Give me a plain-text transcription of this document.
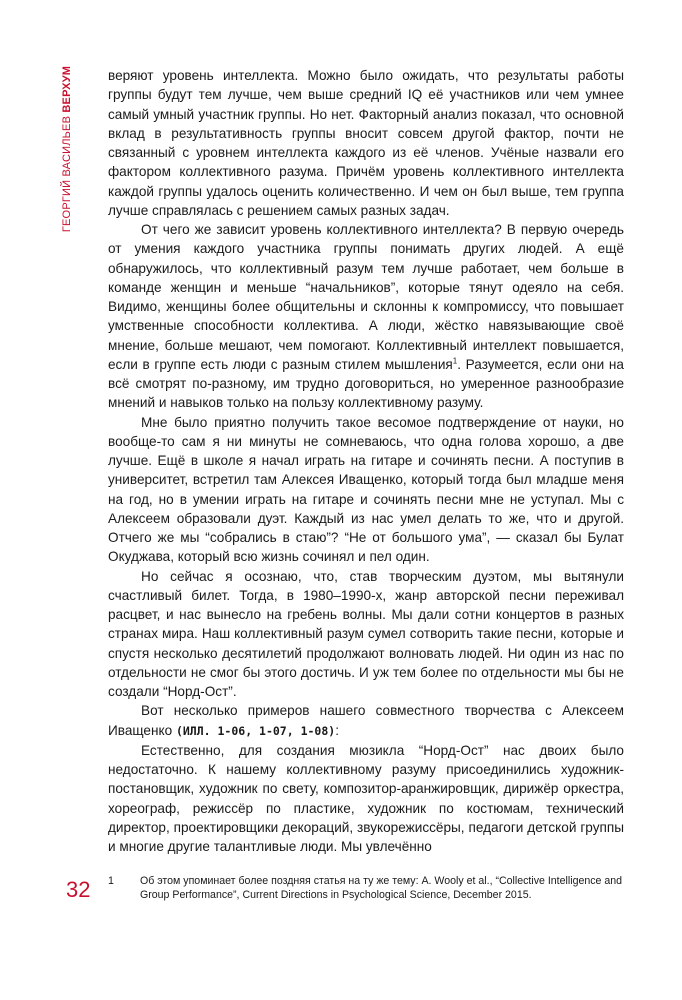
ГЕОРГИЙ ВАСИЛЬЕВ ВЕРХУМ
32

веряют уровень интеллекта. Можно было ожидать, что результаты работы группы будут тем лучше, чем выше средний IQ её участников или чем умнее самый умный участник группы. Но нет. Факторный анализ показал, что основной вклад в результативность группы вносит совсем другой фактор, почти не связанный с уровнем интеллекта каждого из её членов. Учёные назвали его фактором коллективного разума. Причём уровень коллективного интеллекта каждой группы удалось оценить количественно. И чем он был выше, тем группа лучше справлялась с решением самых разных задач.

От чего же зависит уровень коллективного интеллекта? В первую очередь от умения каждого участника группы понимать других людей. А ещё обнаружилось, что коллективный разум тем лучше работает, чем больше в команде женщин и меньше “начальников”, которые тянут одеяло на себя. Видимо, женщины более общительны и склонны к компромиссу, что повышает умственные способности коллектива. А люди, жёстко навязывающие своё мнение, больше мешают, чем помогают. Коллективный интеллект повышается, если в группе есть люди с разным стилем мышления$^1$. Разумеется, если они на всё смотрят по-разному, им трудно договориться, но умеренное разнообразие мнений и навыков только на пользу коллективному разуму.

Мне было приятно получить такое весомое подтверждение от науки, но вообще-то сам я ни минуты не сомневаюсь, что одна голова хорошо, а две лучше. Ещё в школе я начал играть на гитаре и сочинять песни. А поступив в университет, встретил там Алексея Иващенко, который тогда был младше меня на год, но в умении играть на гитаре и сочинять песни мне не уступал. Мы с Алексеем образовали дуэт. Каждый из нас умел делать то же, что и другой. Отчего же мы “собрались в стаю”? “Не от большого ума”, — сказал бы Булат Окуджава, который всю жизнь сочинял и пел один.

Но сейчас я осознаю, что, став творческим дуэтом, мы вытянули счастливый билет. Тогда, в 1980–1990-х, жанр авторской песни переживал расцвет, и нас вынесло на гребень волны. Мы дали сотни концертов в разных странах мира. Наш коллективный разум сумел сотворить такие песни, которые и спустя несколько десятилетий продолжают волновать людей. Ни один из нас по отдельности не смог бы этого достичь. И уж тем более по отдельности мы бы не создали “Норд-Ост”.

Вот несколько примеров нашего совместного творчества с Алексеем Иващенко (ИЛЛ. 1-06, 1-07, 1-08):

Естественно, для создания мюзикла “Норд-Ост” нас двоих было недостаточно. К нашему коллективному разуму присоединились художник-постановщик, художник по свету, композитор-аранжировщик, дирижёр оркестра, хореограф, режиссёр по пластике, художник по костюмам, технический директор, проектировщики декораций, звукорежиссёры, педагоги детской группы и многие другие талантливые люди. Мы увлечённо

1	Об этом упоминает более поздняя статья на ту же тему: A. Wooly et al., “Collective Intelligence and Group Performance”, Current Directions in Psychological Science, December 2015.
